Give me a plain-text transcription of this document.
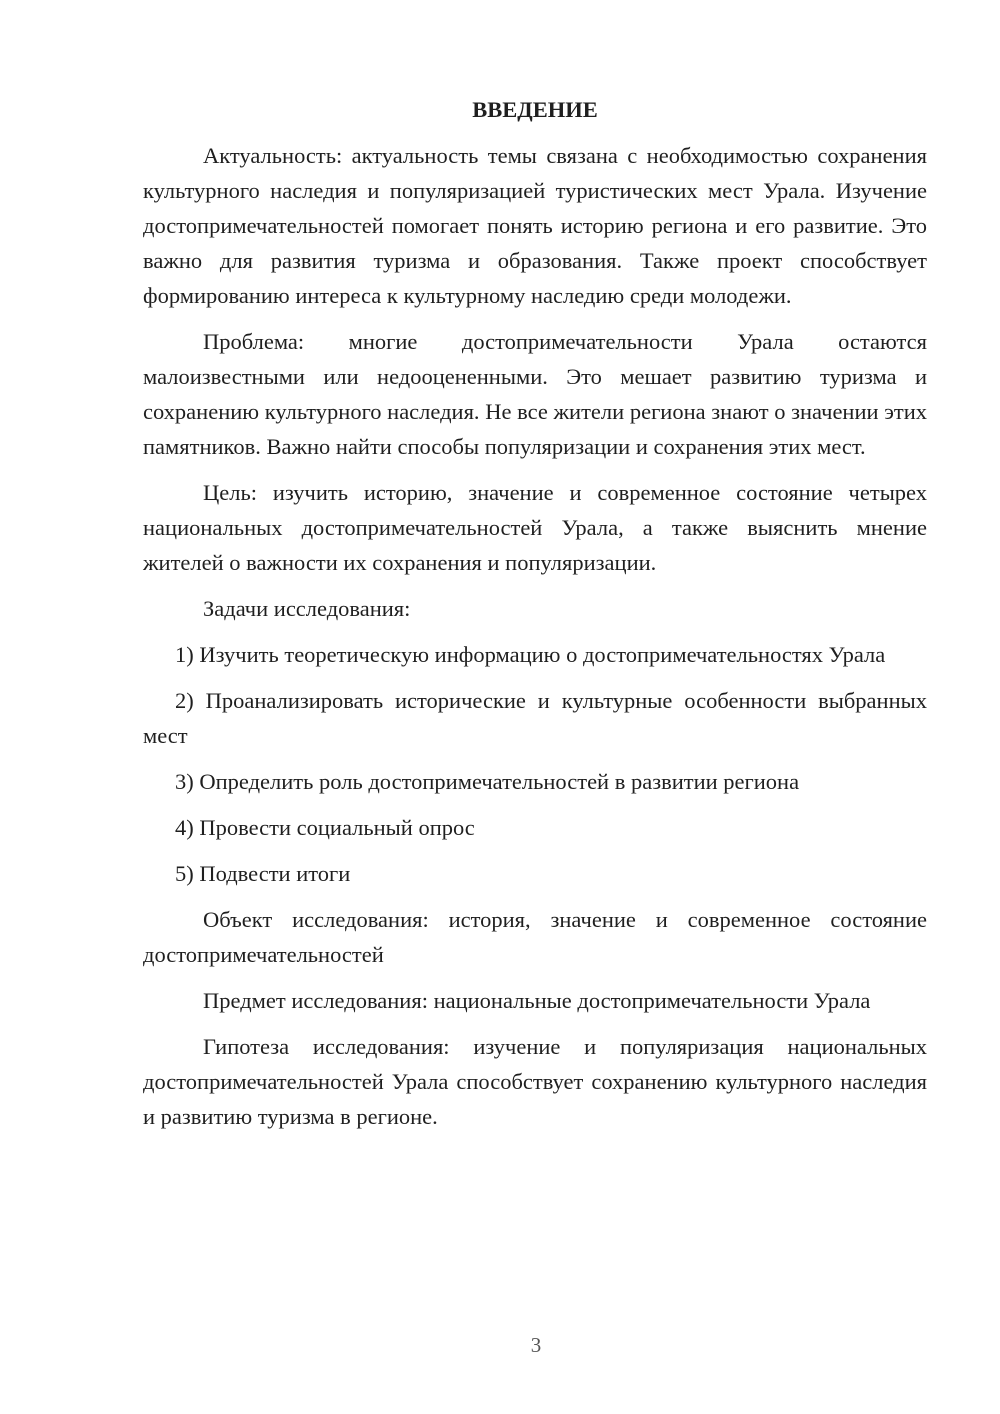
ВВЕДЕНИЕ

Актуальность: актуальность темы связана с необходимостью сохранения культурного наследия и популяризацией туристических мест Урала. Изучение достопримечательностей помогает понять историю региона и его развитие. Это важно для развития туризма и образования. Также проект способствует формированию интереса к культурному наследию среди молодежи.

Проблема: многие достопримечательности Урала остаются малоизвестными или недооцененными. Это мешает развитию туризма и сохранению культурного наследия. Не все жители региона знают о значении этих памятников. Важно найти способы популяризации и сохранения этих мест.

Цель: изучить историю, значение и современное состояние четырех национальных достопримечательностей Урала, а также выяснить мнение жителей о важности их сохранения и популяризации.

Задачи исследования:

1) Изучить теоретическую информацию о достопримечательностях Урала

2) Проанализировать исторические и культурные особенности выбранных мест

3) Определить роль достопримечательностей в развитии региона

4) Провести социальный опрос

5) Подвести итоги

Объект исследования: история, значение и современное состояние достопримечательностей

Предмет исследования: национальные достопримечательности Урала

Гипотеза исследования: изучение и популяризация национальных достопримечательностей Урала способствует сохранению культурного наследия и развитию туризма в регионе.

3
